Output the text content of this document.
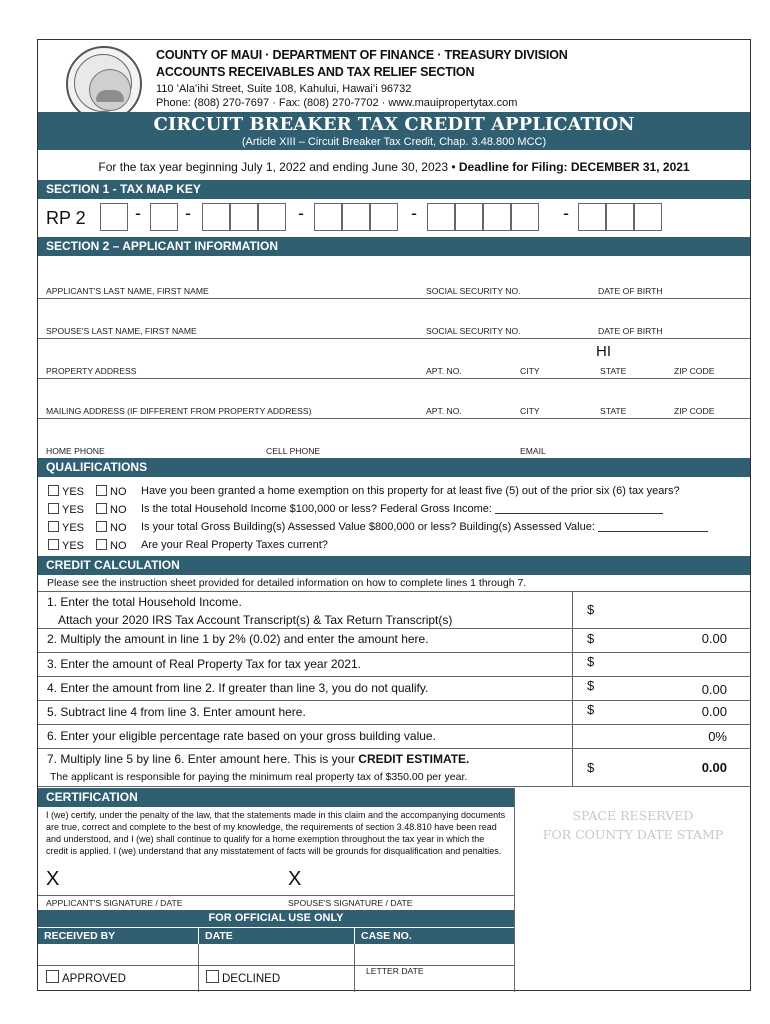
COUNTY OF MAUI · DEPARTMENT OF FINANCE · TREASURY DIVISION
ACCOUNTS RECEIVABLES AND TAX RELIEF SECTION
110 ʻAlaʻihi Street, Suite 108, Kahului, Hawaiʻi 96732
Phone: (808) 270-7697 · Fax: (808) 270-7702 · www.mauipropertytax.com
CIRCUIT BREAKER TAX CREDIT APPLICATION
(Article XIII – Circuit Breaker Tax Credit, Chap. 3.48.800 MCC)
For the tax year beginning July 1, 2022 and ending June 30, 2023 • Deadline for Filing: DECEMBER 31, 2021
SECTION 1 - TAX MAP KEY
RP 2	- -	-	-	-
SECTION 2 – APPLICANT INFORMATION
APPLICANT'S LAST NAME, FIRST NAME	SOCIAL SECURITY NO.	DATE OF BIRTH
SPOUSE'S LAST NAME, FIRST NAME	SOCIAL SECURITY NO.	DATE OF BIRTH
HI
PROPERTY ADDRESS	APT. NO.	CITY	STATE	ZIP CODE
MAILING ADDRESS (IF DIFFERENT FROM PROPERTY ADDRESS)	APT. NO.	CITY	STATE	ZIP CODE
HOME PHONE	CELL PHONE	EMAIL
QUALIFICATIONS
YES	NO Have you been granted a home exemption on this property for at least five (5) out of the prior six (6) tax years?
YES	NO Is the total Household Income $100,000 or less? Federal Gross Income:
YES	NO Is your total Gross Building(s) Assessed Value $800,000 or less? Building(s) Assessed Value:
YES	NO Are your Real Property Taxes current?
CREDIT CALCULATION
Please see the instruction sheet provided for detailed information on how to complete lines 1 through 7.
1. Enter the total Household Income.
Attach your 2020 IRS Tax Account Transcript(s) & Tax Return Transcript(s)
$
2. Multiply the amount in line 1 by 2% (0.02) and enter the amount here.	$	0.00
3. Enter the amount of Real Property Tax for tax year 2021.	$
4. Enter the amount from line 2. If greater than line 3, you do not qualify.	$	0.00
5. Subtract line 4 from line 3. Enter amount here.	$	0.00
6. Enter your eligible percentage rate based on your gross building value.	0%
7. Multiply line 5 by line 6. Enter amount here. This is your CREDIT ESTIMATE.
The applicant is responsible for paying the minimum real property tax of $350.00 per year.
$	0.00
CERTIFICATION
I (we) certify, under the penalty of the law, that the statements made in this claim and the accompanying documents are true, correct and complete to the best of my knowledge, the requirements of section 3.48.810 have been read and understood, and I (we) shall continue to qualify for a home exemption throughout the tax year in which the credit is applied. I (we) understand that any misstatement of facts will be grounds for disqualification and penalties.
X	X
APPLICANT'S SIGNATURE / DATE	SPOUSE'S SIGNATURE / DATE
SPACE RESERVED
FOR COUNTY DATE STAMP
FOR OFFICIAL USE ONLY
RECEIVED BY	DATE	CASE NO.
APPROVED	DECLINED
LETTER DATE
